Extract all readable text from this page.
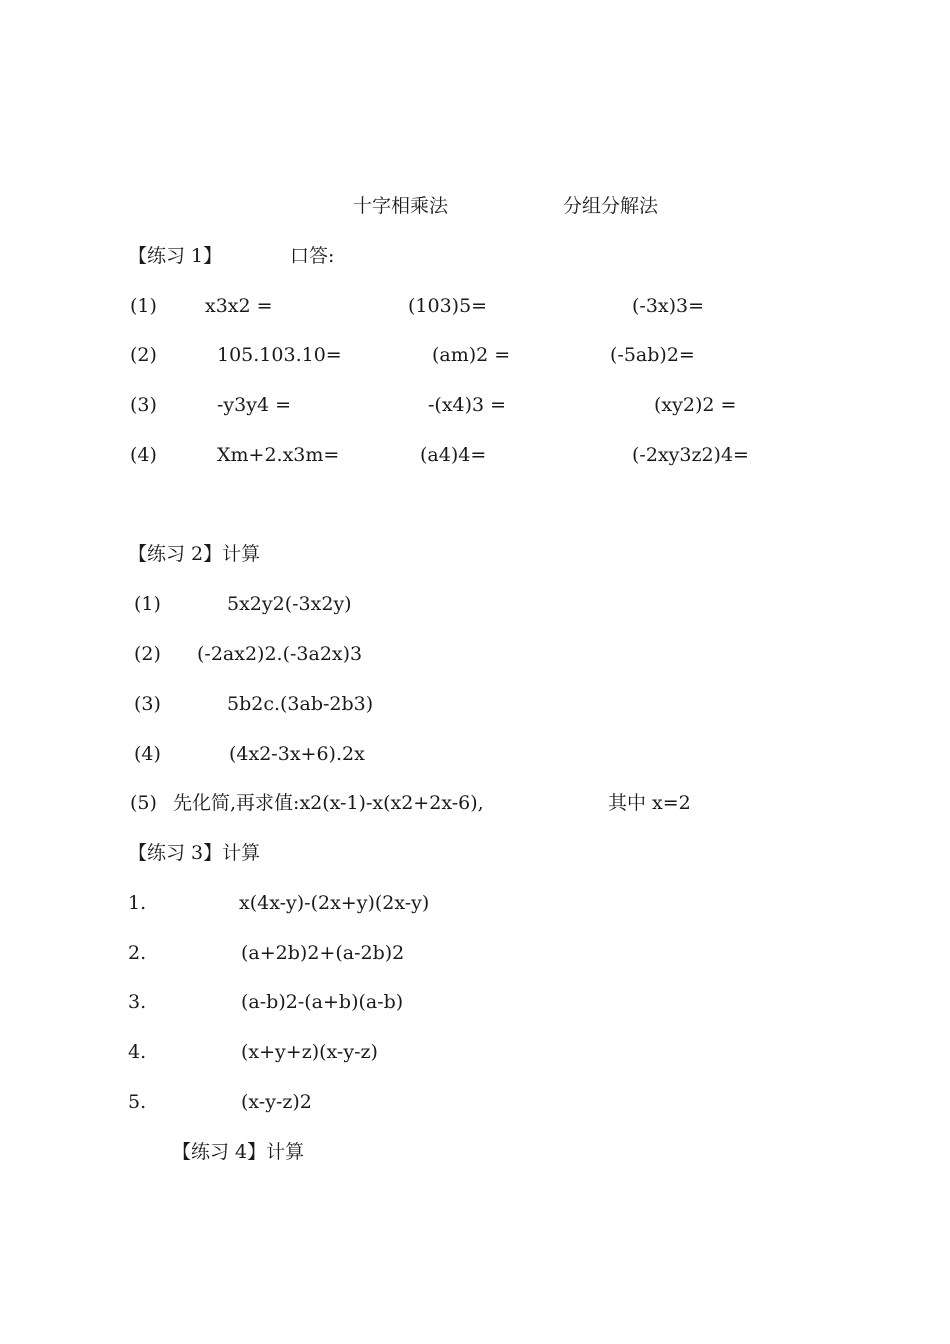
十字相乘法	分组分解法
【练习 1】	口答:
(1)	x3x2 =	(103)5=	(-3x)3=
(2)	105.103.10=	(am)2 =	(-5ab)2=
(3)	-y3y4 =	-(x4)3 =	(xy2)2 =
(4)	Xm+2.x3m=	(a4)4=	(-2xy3z2)4=
【练习 2】计算
(1)	5x2y2(-3x2y)
(2) (-2ax2)2.(-3a2x)3
(3)	5b2c.(3ab-2b3)
(4)	(4x2-3x+6).2x
(5) 先化简,再求值:x2(x-1)-x(x2+2x-6),	其中 x=2
【练习 3】计算
1.	x(4x-y)-(2x+y)(2x-y)
2.	(a+2b)2+(a-2b)2
3.	(a-b)2-(a+b)(a-b)
4.	(x+y+z)(x-y-z)
5.	(x-y-z)2
【练习 4】计算
